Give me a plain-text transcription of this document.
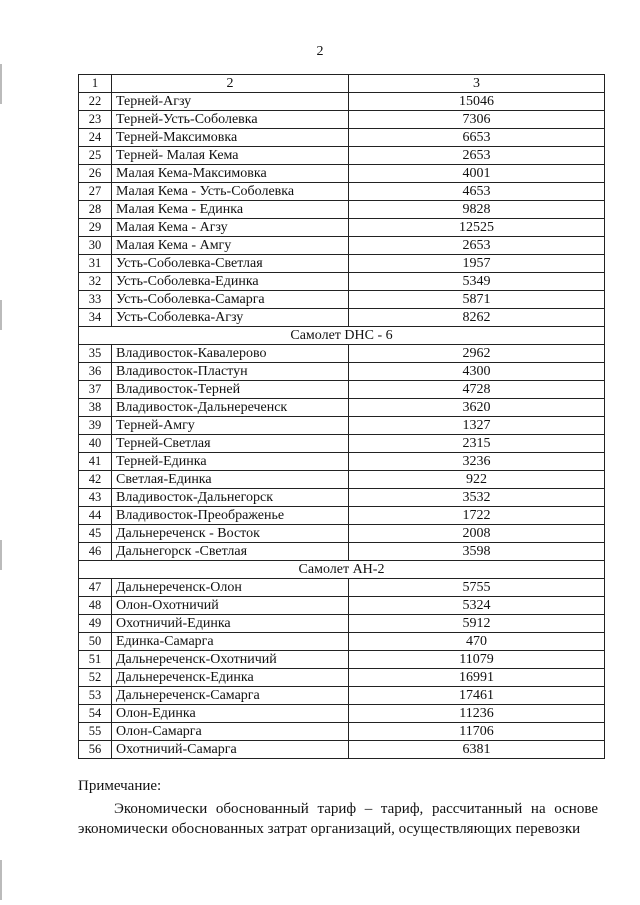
2
1	2	3
22	Терней-Агзу	15046
23	Терней-Усть-Соболевка	7306
24	Терней-Максимовка	6653
25	Терней- Малая Кема	2653
26	Малая Кема-Максимовка	4001
27	Малая Кема - Усть-Соболевка	4653
28	Малая Кема - Единка	9828
29	Малая Кема - Агзу	12525
30	Малая Кема - Амгу	2653
31	Усть-Соболевка-Светлая	1957
32	Усть-Соболевка-Единка	5349
33	Усть-Соболевка-Самарга	5871
34	Усть-Соболевка-Агзу	8262
Самолет DHC - 6		
35	Владивосток-Кавалерово	2962
36	Владивосток-Пластун	4300
37	Владивосток-Терней	4728
38	Владивосток-Дальнереченск	3620
39	Терней-Амгу	1327
40	Терней-Светлая	2315
41	Терней-Единка	3236
42	Светлая-Единка	922
43	Владивосток-Дальнегорск	3532
44	Владивосток-Преображенье	1722
45	Дальнереченск - Восток	2008
46	Дальнегорск -Светлая	3598
Самолет АН-2		
47	Дальнереченск-Олон	5755
48	Олон-Охотничий	5324
49	Охотничий-Единка	5912
50	Единка-Самарга	470
51	Дальнереченск-Охотничий	11079
52	Дальнереченск-Единка	16991
53	Дальнереченск-Самарга	17461
54	Олон-Единка	11236
55	Олон-Самарга	11706
56	Охотничий-Самарга	6381
Примечание:
Экономически обоснованный тариф – тариф, рассчитанный на основе экономически обоснованных затрат организаций, осуществляющих перевозки
